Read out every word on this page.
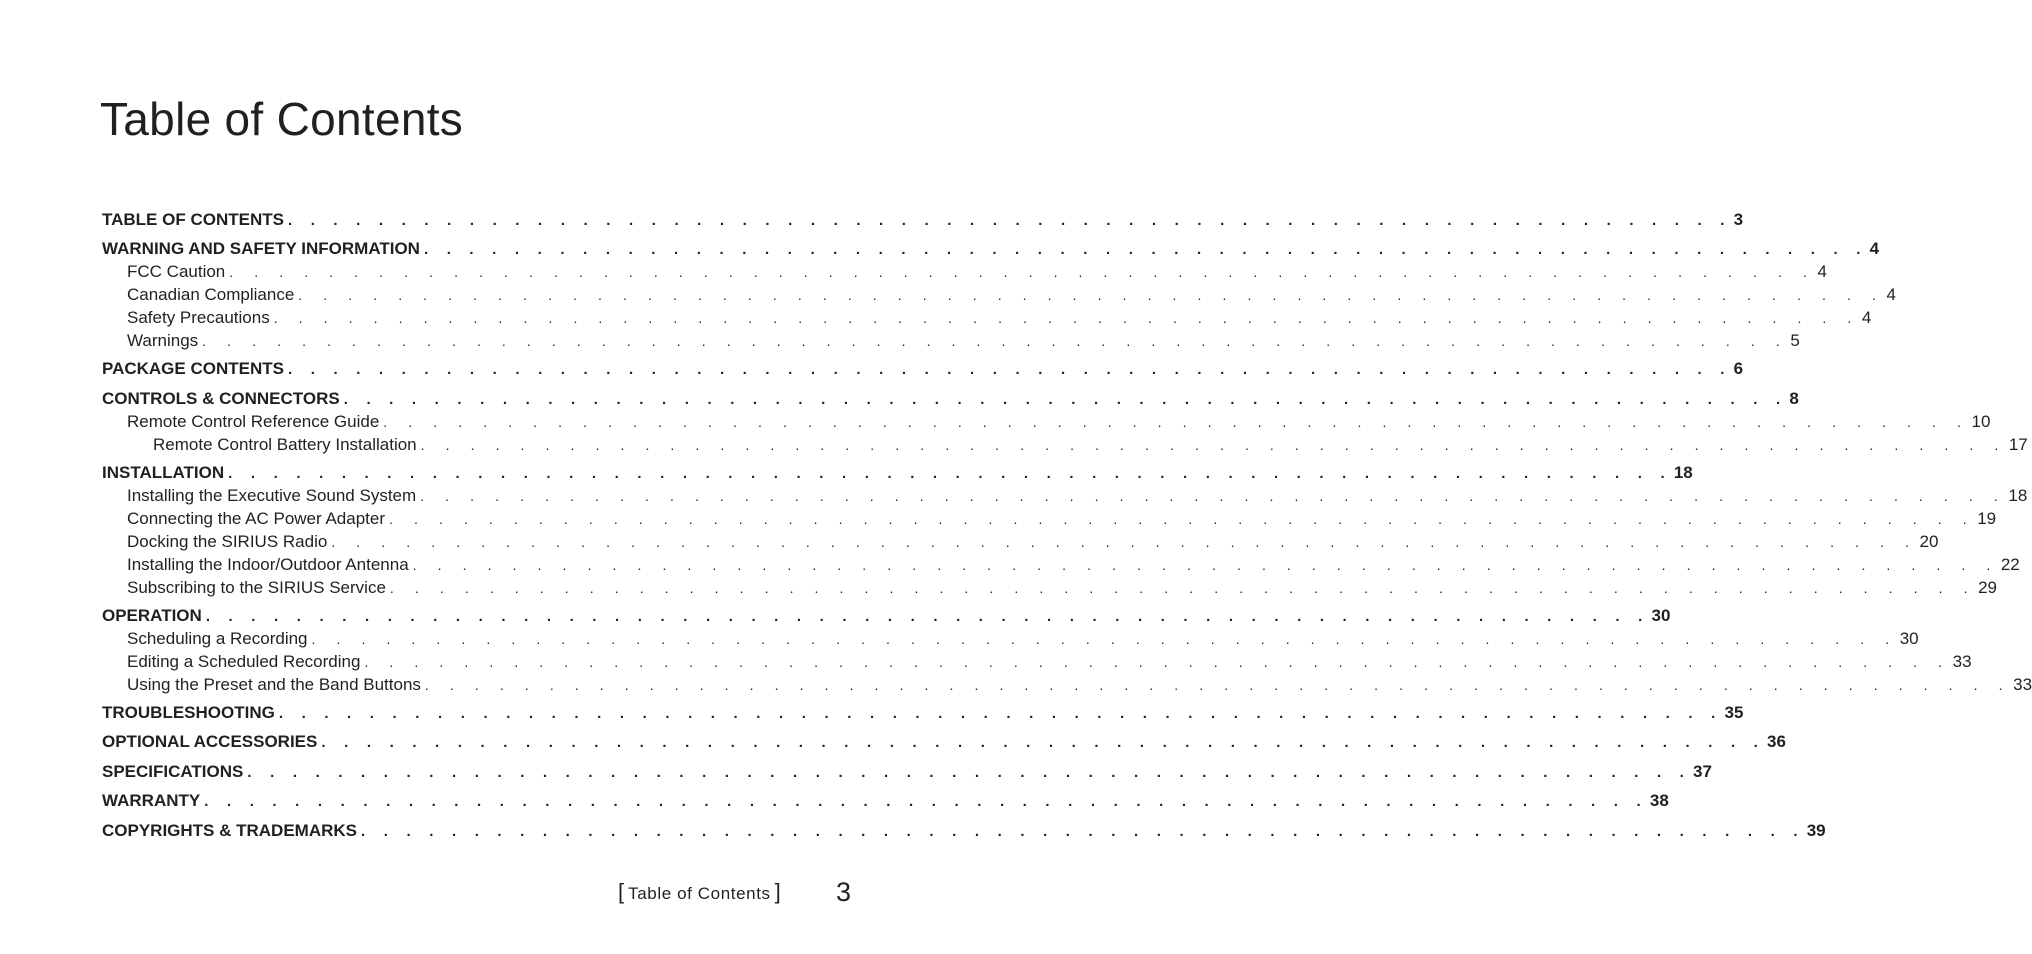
Table of Contents
TABLE OF CONTENTS . . . . . . . . . . . . . . . . . . . . . . . . . . . . . . . . . . . . . . . . . . . . . . . . . . . . . . . . . . . . . . . . 3
WARNING AND SAFETY INFORMATION . . . . . . . . . . . . . . . . . . . . . . . . . . . . . . . . . . . . . . . . . . . . . . . . . . . . . . . . . . . . . . . . 4
FCC Caution . . . . . . . . . . . . . . . . . . . . . . . . . . . . . . . . . . . . . . . . . . . . . . . . . . . . . . . . . . . . . . . . 4
Canadian Compliance . . . . . . . . . . . . . . . . . . . . . . . . . . . . . . . . . . . . . . . . . . . . . . . . . . . . . . . . . . . . . . . . 4
Safety Precautions . . . . . . . . . . . . . . . . . . . . . . . . . . . . . . . . . . . . . . . . . . . . . . . . . . . . . . . . . . . . . . . . 4
Warnings . . . . . . . . . . . . . . . . . . . . . . . . . . . . . . . . . . . . . . . . . . . . . . . . . . . . . . . . . . . . . . . . 5
PACKAGE CONTENTS . . . . . . . . . . . . . . . . . . . . . . . . . . . . . . . . . . . . . . . . . . . . . . . . . . . . . . . . . . . . . . . . 6
CONTROLS & CONNECTORS . . . . . . . . . . . . . . . . . . . . . . . . . . . . . . . . . . . . . . . . . . . . . . . . . . . . . . . . . . . . . . . . 8
Remote Control Reference Guide . . . . . . . . . . . . . . . . . . . . . . . . . . . . . . . . . . . . . . . . . . . . . . . . . . . . . . . . . . . . . . . . 10
Remote Control Battery Installation . . . . . . . . . . . . . . . . . . . . . . . . . . . . . . . . . . . . . . . . . . . . . . . . . . . . . . . . . . . . . . . . 17
INSTALLATION . . . . . . . . . . . . . . . . . . . . . . . . . . . . . . . . . . . . . . . . . . . . . . . . . . . . . . . . . . . . . . . . 18
Installing the Executive Sound System . . . . . . . . . . . . . . . . . . . . . . . . . . . . . . . . . . . . . . . . . . . . . . . . . . . . . . . . . . . . . . . . 18
Connecting the AC Power Adapter . . . . . . . . . . . . . . . . . . . . . . . . . . . . . . . . . . . . . . . . . . . . . . . . . . . . . . . . . . . . . . . . 19
Docking the SIRIUS Radio . . . . . . . . . . . . . . . . . . . . . . . . . . . . . . . . . . . . . . . . . . . . . . . . . . . . . . . . . . . . . . . . 20
Installing the Indoor/Outdoor Antenna . . . . . . . . . . . . . . . . . . . . . . . . . . . . . . . . . . . . . . . . . . . . . . . . . . . . . . . . . . . . . . . . 22
Subscribing to the SIRIUS Service . . . . . . . . . . . . . . . . . . . . . . . . . . . . . . . . . . . . . . . . . . . . . . . . . . . . . . . . . . . . . . . . 29
OPERATION . . . . . . . . . . . . . . . . . . . . . . . . . . . . . . . . . . . . . . . . . . . . . . . . . . . . . . . . . . . . . . . . 30
Scheduling a Recording . . . . . . . . . . . . . . . . . . . . . . . . . . . . . . . . . . . . . . . . . . . . . . . . . . . . . . . . . . . . . . . . 30
Editing a Scheduled Recording . . . . . . . . . . . . . . . . . . . . . . . . . . . . . . . . . . . . . . . . . . . . . . . . . . . . . . . . . . . . . . . . 33
Using the Preset and the Band Buttons . . . . . . . . . . . . . . . . . . . . . . . . . . . . . . . . . . . . . . . . . . . . . . . . . . . . . . . . . . . . . . . . 33
TROUBLESHOOTING . . . . . . . . . . . . . . . . . . . . . . . . . . . . . . . . . . . . . . . . . . . . . . . . . . . . . . . . . . . . . . . . 35
OPTIONAL ACCESSORIES . . . . . . . . . . . . . . . . . . . . . . . . . . . . . . . . . . . . . . . . . . . . . . . . . . . . . . . . . . . . . . . . 36
SPECIFICATIONS . . . . . . . . . . . . . . . . . . . . . . . . . . . . . . . . . . . . . . . . . . . . . . . . . . . . . . . . . . . . . . . . 37
WARRANTY . . . . . . . . . . . . . . . . . . . . . . . . . . . . . . . . . . . . . . . . . . . . . . . . . . . . . . . . . . . . . . . . 38
COPYRIGHTS & TRADEMARKS . . . . . . . . . . . . . . . . . . . . . . . . . . . . . . . . . . . . . . . . . . . . . . . . . . . . . . . . . . . . . . . . 39
[ Table of Contents ] 3
